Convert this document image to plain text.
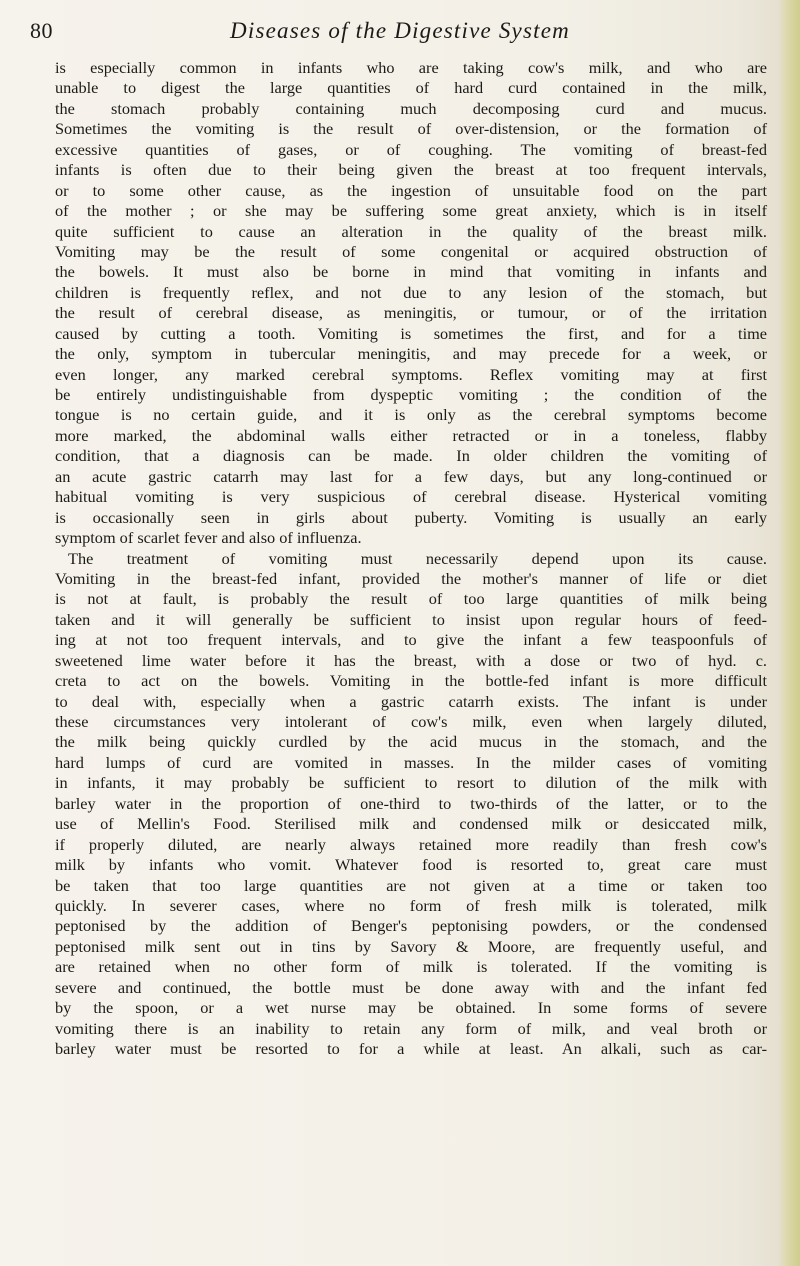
80	Diseases of the Digestive System
is especially common in infants who are taking cow's milk, and who are
unable to digest the large quantities of hard curd contained in the milk,
the stomach probably containing much decomposing curd and mucus.
Sometimes the vomiting is the result of over-distension, or the formation of
excessive quantities of gases, or of coughing. The vomiting of breast-fed
infants is often due to their being given the breast at too frequent intervals,
or to some other cause, as the ingestion of unsuitable food on the part
of the mother ; or she may be suffering some great anxiety, which is in itself
quite sufficient to cause an alteration in the quality of the breast milk.
Vomiting may be the result of some congenital or acquired obstruction of
the bowels. It must also be borne in mind that vomiting in infants and
children is frequently reflex, and not due to any lesion of the stomach, but
the result of cerebral disease, as meningitis, or tumour, or of the irritation
caused by cutting a tooth. Vomiting is sometimes the first, and for a time
the only, symptom in tubercular meningitis, and may precede for a week, or
even longer, any marked cerebral symptoms. Reflex vomiting may at first
be entirely undistinguishable from dyspeptic vomiting ; the condition of the
tongue is no certain guide, and it is only as the cerebral symptoms become
more marked, the abdominal walls either retracted or in a toneless, flabby
condition, that a diagnosis can be made. In older children the vomiting of
an acute gastric catarrh may last for a few days, but any long-continued or
habitual vomiting is very suspicious of cerebral disease. Hysterical vomiting
is occasionally seen in girls about puberty. Vomiting is usually an early
symptom of scarlet fever and also of influenza.
The treatment of vomiting must necessarily depend upon its cause.
Vomiting in the breast-fed infant, provided the mother's manner of life or diet
is not at fault, is probably the result of too large quantities of milk being
taken and it will generally be sufficient to insist upon regular hours of feed-
ing at not too frequent intervals, and to give the infant a few teaspoonfuls of
sweetened lime water before it has the breast, with a dose or two of hyd. c.
creta to act on the bowels. Vomiting in the bottle-fed infant is more difficult
to deal with, especially when a gastric catarrh exists. The infant is under
these circumstances very intolerant of cow's milk, even when largely diluted,
the milk being quickly curdled by the acid mucus in the stomach, and the
hard lumps of curd are vomited in masses. In the milder cases of vomiting
in infants, it may probably be sufficient to resort to dilution of the milk with
barley water in the proportion of one-third to two-thirds of the latter, or to the
use of Mellin's Food. Sterilised milk and condensed milk or desiccated milk,
if properly diluted, are nearly always retained more readily than fresh cow's
milk by infants who vomit. Whatever food is resorted to, great care must
be taken that too large quantities are not given at a time or taken too
quickly. In severer cases, where no form of fresh milk is tolerated, milk
peptonised by the addition of Benger's peptonising powders, or the condensed
peptonised milk sent out in tins by Savory & Moore, are frequently useful, and
are retained when no other form of milk is tolerated. If the vomiting is
severe and continued, the bottle must be done away with and the infant fed
by the spoon, or a wet nurse may be obtained. In some forms of severe
vomiting there is an inability to retain any form of milk, and veal broth or
barley water must be resorted to for a while at least. An alkali, such as car-
